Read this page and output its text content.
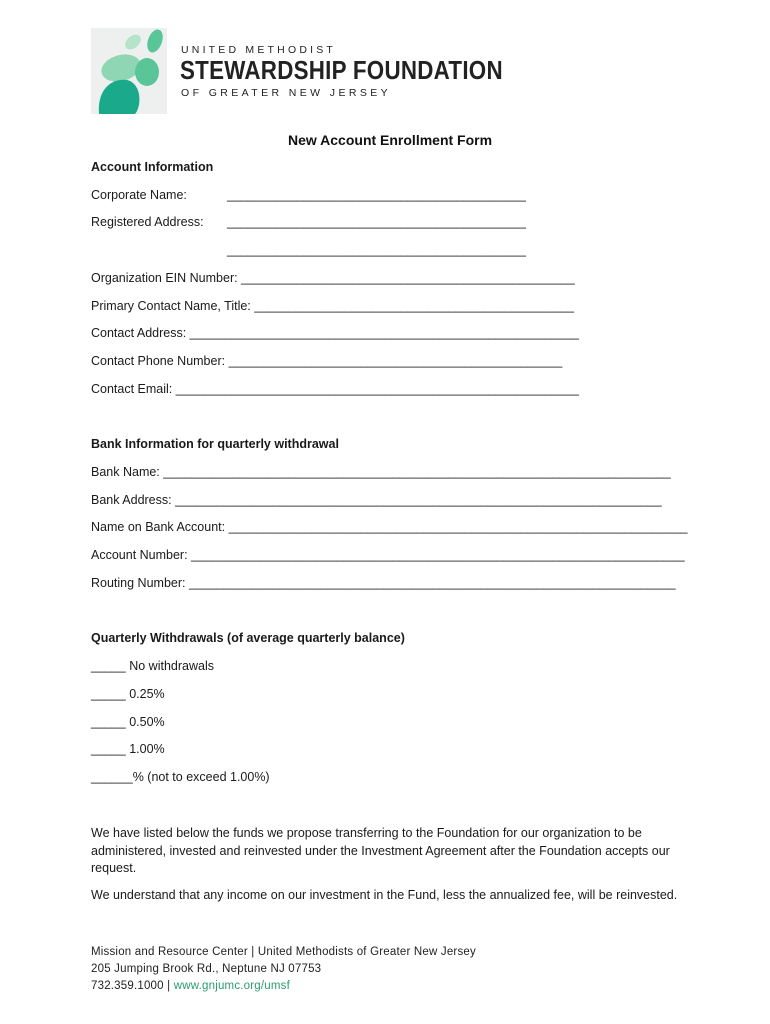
UNITED METHODIST
STEWARDSHIP FOUNDATION
OF GREATER NEW JERSEY
New Account Enrollment Form
Account Information
Corporate Name:	___________________________________________
Registered Address: ___________________________________________
___________________________________________
Organization EIN Number: ________________________________________________
Primary Contact Name, Title: ______________________________________________
Contact Address: ________________________________________________________
Contact Phone Number: ________________________________________________
Contact Email: __________________________________________________________
Bank Information for quarterly withdrawal
Bank Name: _________________________________________________________________________
Bank Address: ______________________________________________________________________
Name on Bank Account: __________________________________________________________________
Account Number: _______________________________________________________________________
Routing Number: ______________________________________________________________________
Quarterly Withdrawals (of average quarterly balance)
_____ No withdrawals
_____ 0.25%
_____ 0.50%
_____ 1.00%
______% (not to exceed 1.00%)
We have listed below the funds we propose transferring to the Foundation for our organization to be administered, invested and reinvested under the Investment Agreement after the Foundation accepts our request.
We understand that any income on our investment in the Fund, less the annualized fee, will be reinvested.
Mission and Resource Center | United Methodists of Greater New Jersey
205 Jumping Brook Rd., Neptune NJ 07753
732.359.1000 | www.gnjumc.org/umsf
